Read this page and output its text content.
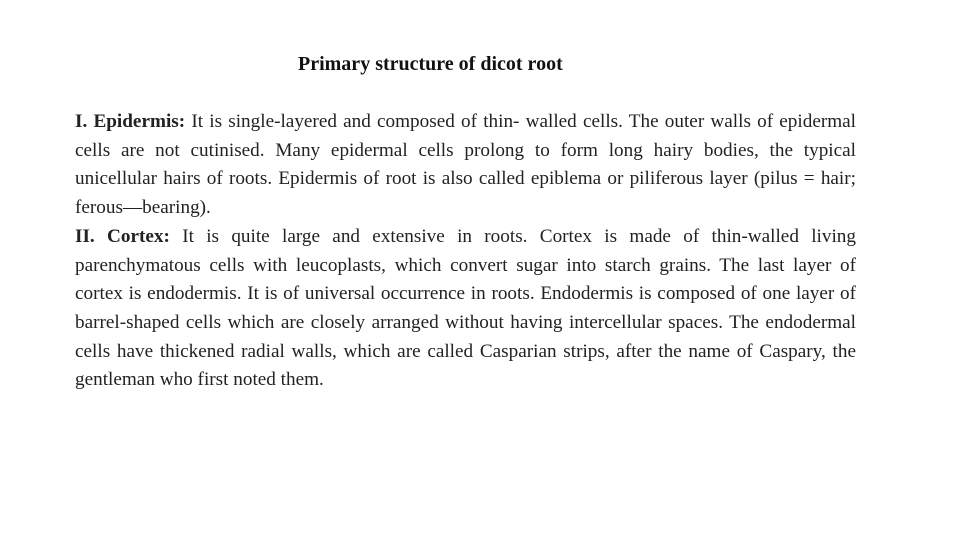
Primary structure of dicot root

I. Epidermis: It is single-layered and composed of thin- walled cells. The outer walls of epidermal cells are not cutinised. Many epidermal cells prolong to form long hairy bodies, the typical unicellular hairs of roots. Epidermis of root is also called epiblema or piliferous layer (pilus = hair; ferous—bearing).

II. Cortex: It is quite large and extensive in roots. Cortex is made of thin-walled living parenchymatous cells with leucoplasts, which convert sugar into starch grains. The last layer of cortex is endodermis. It is of universal occurrence in roots. Endodermis is composed of one layer of barrel-shaped cells which are closely arranged without having intercellular spaces. The endodermal cells have thickened radial walls, which are called Casparian strips, after the name of Caspary, the gentleman who first noted them.
